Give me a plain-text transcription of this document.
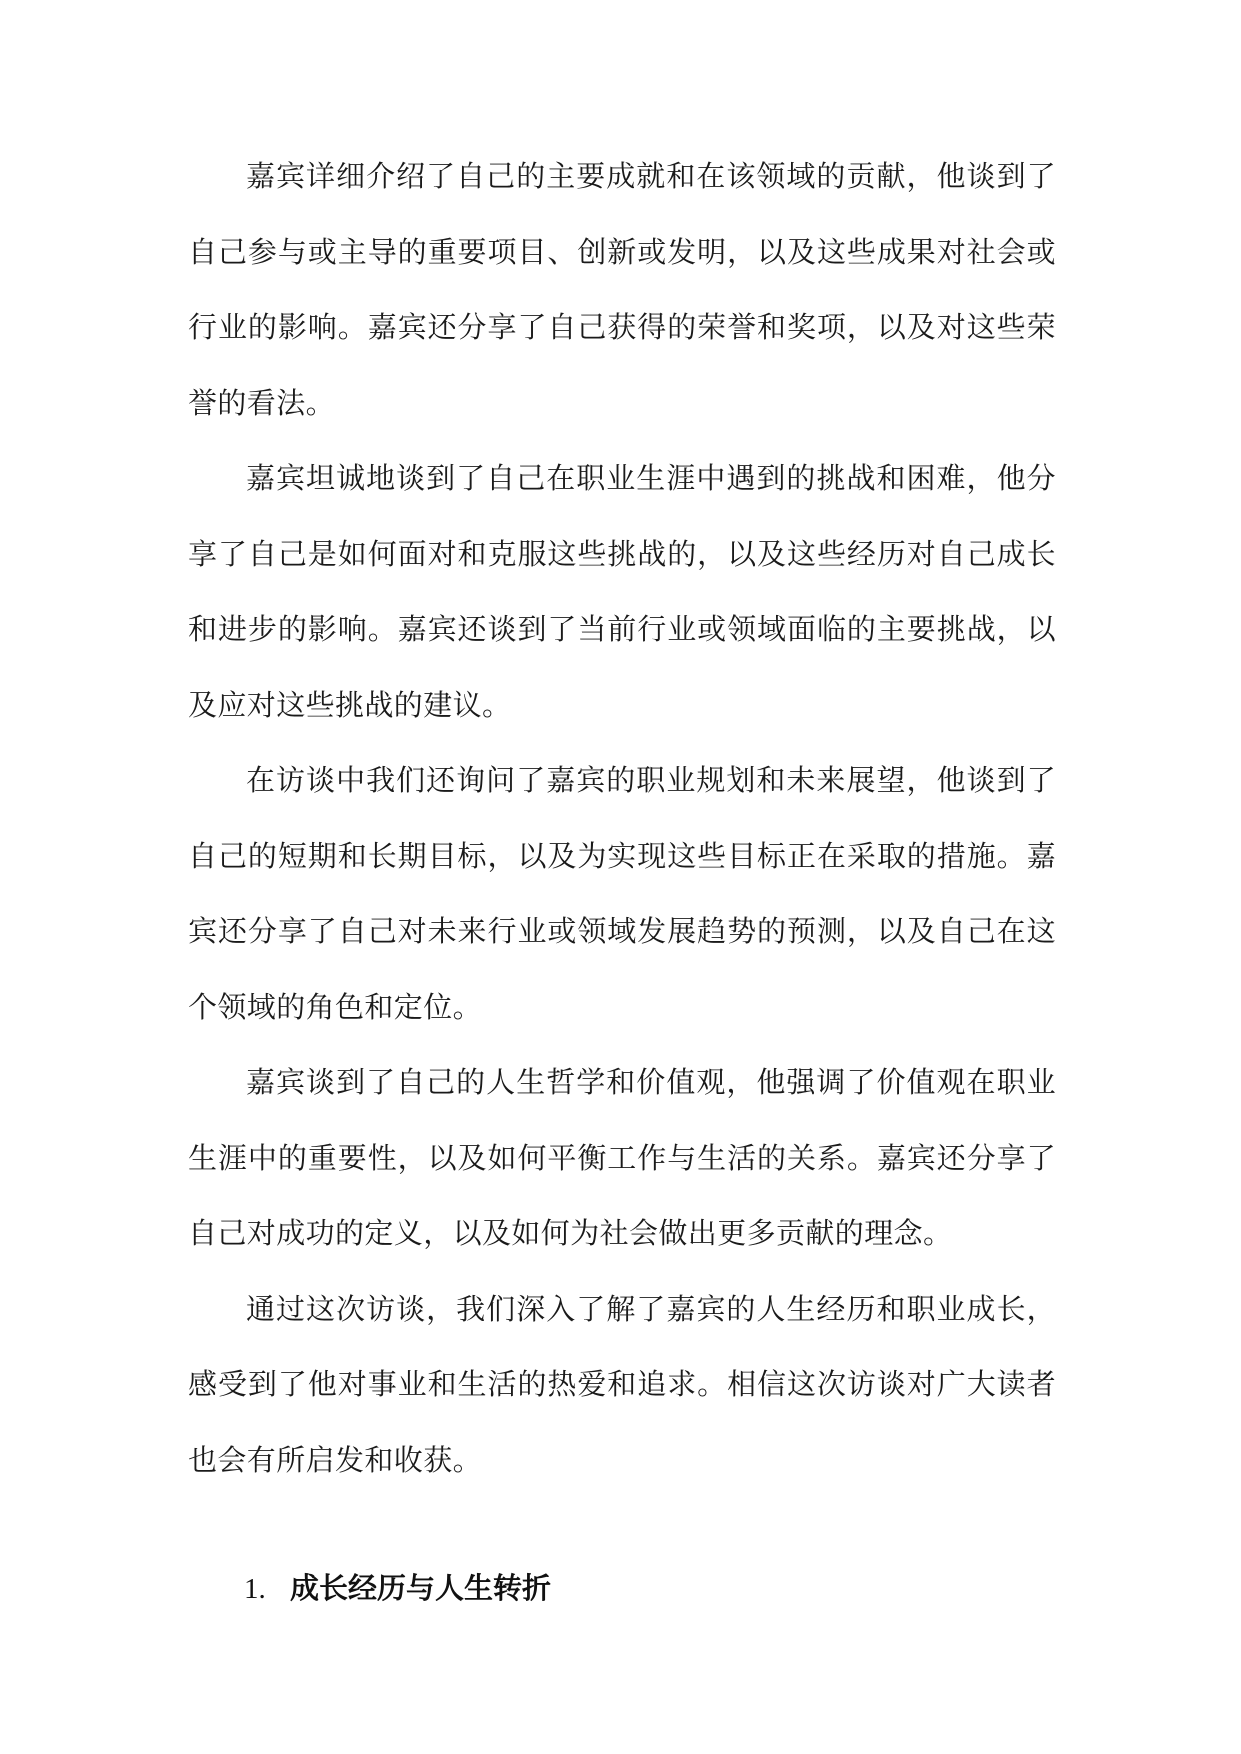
嘉宾详细介绍了自己的主要成就和在该领域的贡献，他谈到了自己参与或主导的重要项目、创新或发明，以及这些成果对社会或行业的影响。嘉宾还分享了自己获得的荣誉和奖项，以及对这些荣誉的看法。

嘉宾坦诚地谈到了自己在职业生涯中遇到的挑战和困难，他分享了自己是如何面对和克服这些挑战的，以及这些经历对自己成长和进步的影响。嘉宾还谈到了当前行业或领域面临的主要挑战，以及应对这些挑战的建议。

在访谈中我们还询问了嘉宾的职业规划和未来展望，他谈到了自己的短期和长期目标，以及为实现这些目标正在采取的措施。嘉宾还分享了自己对未来行业或领域发展趋势的预测，以及自己在这个领域的角色和定位。

嘉宾谈到了自己的人生哲学和价值观，他强调了价值观在职业生涯中的重要性，以及如何平衡工作与生活的关系。嘉宾还分享了自己对成功的定义，以及如何为社会做出更多贡献的理念。

通过这次访谈，我们深入了解了嘉宾的人生经历和职业成长，感受到了他对事业和生活的热爱和追求。相信这次访谈对广大读者也会有所启发和收获。

1. 成长经历与人生转折
